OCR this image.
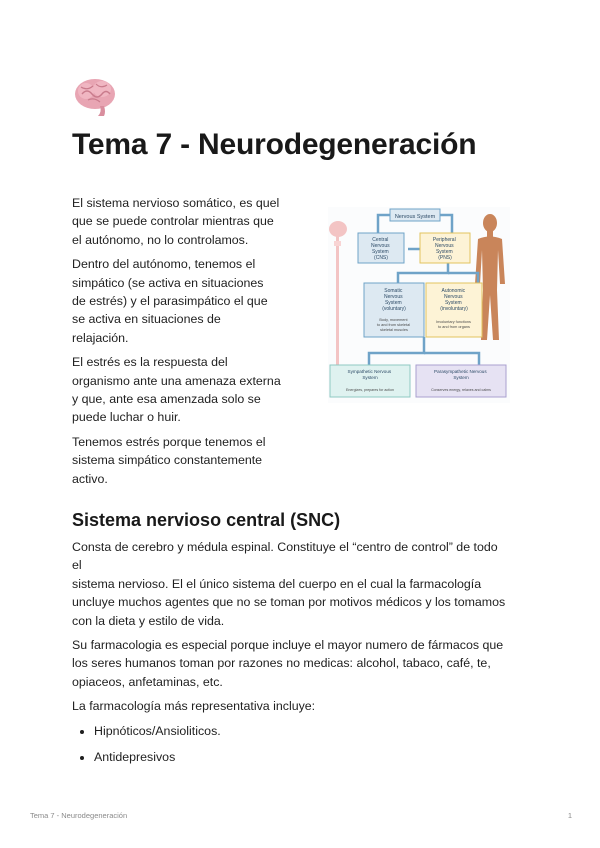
Tema 7 - Neurodegeneración

El sistema nervioso somático, es quel
que se puede controlar mientras que
el autónomo, no lo controlamos.

Dentro del autónomo, tenemos el
simpático (se activa en situaciones
de estrés) y el parasimpático el que
se activa en situaciones de
relajación.

El estrés es la respuesta del
organismo ante una amenaza externa
y que, ante esa amenzada solo se
puede luchar o huir.

Tenemos estrés porque tenemos el
sistema simpático constantemente
activo.

Nervous System
Central Nervous System (CNS)
Peripheral Nervous System (PNS)
Somatic Nervous System (voluntary)
Body, movement to and from skeletal skeletal muscles
Autonomic Nervous System (involuntary)
Involuntary functions to and from organs
Sympathetic Nervous System
Energizes, prepares for action
Parasympathetic Nervous System
Conserves energy, relaxes and calms
Sistema nervioso central (SNC)

Consta de cerebro y médula espinal. Constituye el “centro de control” de todo
el
sistema nervioso. El el único sistema del cuerpo en el cual la farmacología
uncluye muchos agentes que no se toman por motivos médicos y los tomamos
con la dieta y estilo de vida.

Su farmacologia es especial porque incluye el mayor numero de fármacos que
los seres humanos toman por razones no medicas: alcohol, tabaco, café, te,
opiaceos, anfetaminas, etc.

La farmacología más representativa incluye:

• Hipnóticos/Ansioliticos.
• Antidepresivos
Tema 7 - Neurodegeneración	1
